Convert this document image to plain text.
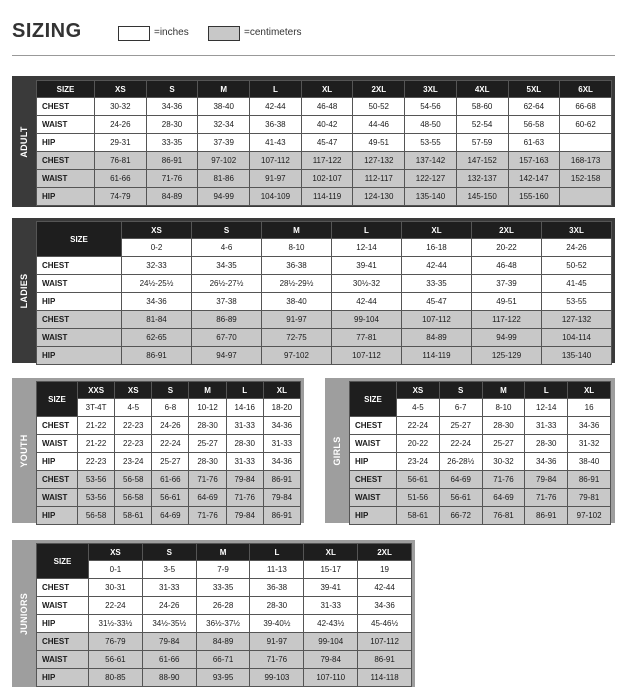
SIZING	=inches	=centimeters
ADULT
SIZE	XS	S	M	L	XL	2XL	3XL	4XL	5XL	6XL
CHEST	30-32	34-36	38-40	42-44	46-48	50-52	54-56	58-60	62-64	66-68
WAIST	24-26	28-30	32-34	36-38	40-42	44-46	48-50	52-54	56-58	60-62
HIP	29-31	33-35	37-39	41-43	45-47	49-51	53-55	57-59	61-63	
CHEST	76-81	86-91	97-102	107-112	117-122	127-132	137-142	147-152	157-163	168-173
WAIST	61-66	71-76	81-86	91-97	102-107	112-117	122-127	132-137	142-147	152-158
HIP	74-79	84-89	94-99	104-109	114-119	124-130	135-140	145-150	155-160	
LADIES
SIZE	XS	S	M	L	XL	2XL	3XL
	0-2	4-6	8-10	12-14	16-18	20-22	24-26
CHEST	32-33	34-35	36-38	39-41	42-44	46-48	50-52
WAIST	24½-25½	26½-27½	28½-29½	30½-32	33-35	37-39	41-45
HIP	34-36	37-38	38-40	42-44	45-47	49-51	53-55
CHEST	81-84	86-89	91-97	99-104	107-112	117-122	127-132
WAIST	62-65	67-70	72-75	77-81	84-89	94-99	104-114
HIP	86-91	94-97	97-102	107-112	114-119	125-129	135-140
YOUTH
SIZE	XXS	XS	S	M	L	XL
	3T-4T	4-5	6-8	10-12	14-16	18-20
CHEST	21-22	22-23	24-26	28-30	31-33	34-36
WAIST	21-22	22-23	22-24	25-27	28-30	31-33
HIP	22-23	23-24	25-27	28-30	31-33	34-36
CHEST	53-56	56-58	61-66	71-76	79-84	86-91
WAIST	53-56	56-58	56-61	64-69	71-76	79-84
HIP	56-58	58-61	64-69	71-76	79-84	86-91
GIRLS
SIZE	XS	S	M	L	XL
	4-5	6-7	8-10	12-14	16
CHEST	22-24	25-27	28-30	31-33	34-36
WAIST	20-22	22-24	25-27	28-30	31-32
HIP	23-24	26-28½	30-32	34-36	38-40
CHEST	56-61	64-69	71-76	79-84	86-91
WAIST	51-56	56-61	64-69	71-76	79-81
HIP	58-61	66-72	76-81	86-91	97-102
JUNIORS
SIZE	XS	S	M	L	XL	2XL
	0-1	3-5	7-9	11-13	15-17	19
CHEST	30-31	31-33	33-35	36-38	39-41	42-44
WAIST	22-24	24-26	26-28	28-30	31-33	34-36
HIP	31½-33½	34½-35½	36½-37½	39-40½	42-43½	45-46½
CHEST	76-79	79-84	84-89	91-97	99-104	107-112
WAIST	56-61	61-66	66-71	71-76	79-84	86-91
HIP	80-85	88-90	93-95	99-103	107-110	114-118
